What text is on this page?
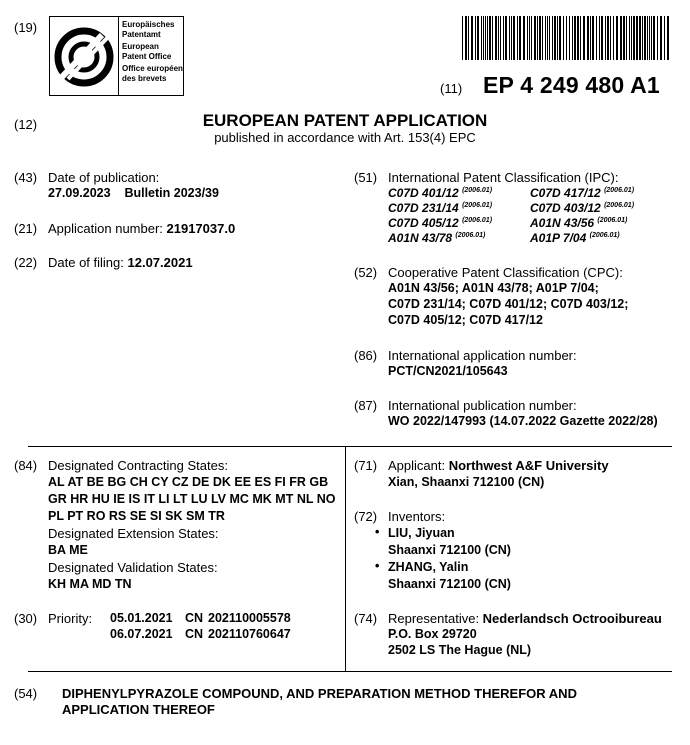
(19)	Europäisches
Patentamt
European
Patent Office
Office européen
des brevets
(11) EP 4 249 480 A1
(12)	EUROPEAN PATENT APPLICATION
published in accordance with Art. 153(4) EPC
(43) Date of publication:
27.09.2023    Bulletin 2023/39
(21) Application number: 21917037.0
(22) Date of filing: 12.07.2021
(51) International Patent Classification (IPC):
C07D 401/12 $^{(2006.01)}$	C07D 417/12 $^{(2006.01)}$
C07D 231/14 $^{(2006.01)}$	C07D 403/12 $^{(2006.01)}$
C07D 405/12 $^{(2006.01)}$	A01N 43/56 $^{(2006.01)}$
A01N 43/78 $^{(2006.01)}$	A01P 7/04 $^{(2006.01)}$
(52) Cooperative Patent Classification (CPC):
A01N 43/56; A01N 43/78; A01P 7/04;
C07D 231/14; C07D 401/12; C07D 403/12;
C07D 405/12; C07D 417/12
(86) International application number:
PCT/CN2021/105643
(87) International publication number:
WO 2022/147993 (14.07.2022 Gazette 2022/28)
(84) Designated Contracting States:
AL AT BE BG CH CY CZ DE DK EE ES FI FR GB
GR HR HU IE IS IT LI LT LU LV MC MK MT NL NO
PL PT RO RS SE SI SK SM TR
Designated Extension States:
BA ME
Designated Validation States:
KH MA MD TN
(30) Priority: 05.01.2021 CN 202110005578
06.07.2021 CN 202110760647
(71) Applicant: Northwest A&F University
Xian, Shaanxi 712100 (CN)
(72) Inventors:
• LIU, Jiyuan
Shaanxi 712100 (CN)
• ZHANG, Yalin
Shaanxi 712100 (CN)
(74) Representative: Nederlandsch Octrooibureau
P.O. Box 29720
2502 LS The Hague (NL)
(54) DIPHENYLPYRAZOLE COMPOUND, AND PREPARATION METHOD THEREFOR AND
APPLICATION THEREOF
